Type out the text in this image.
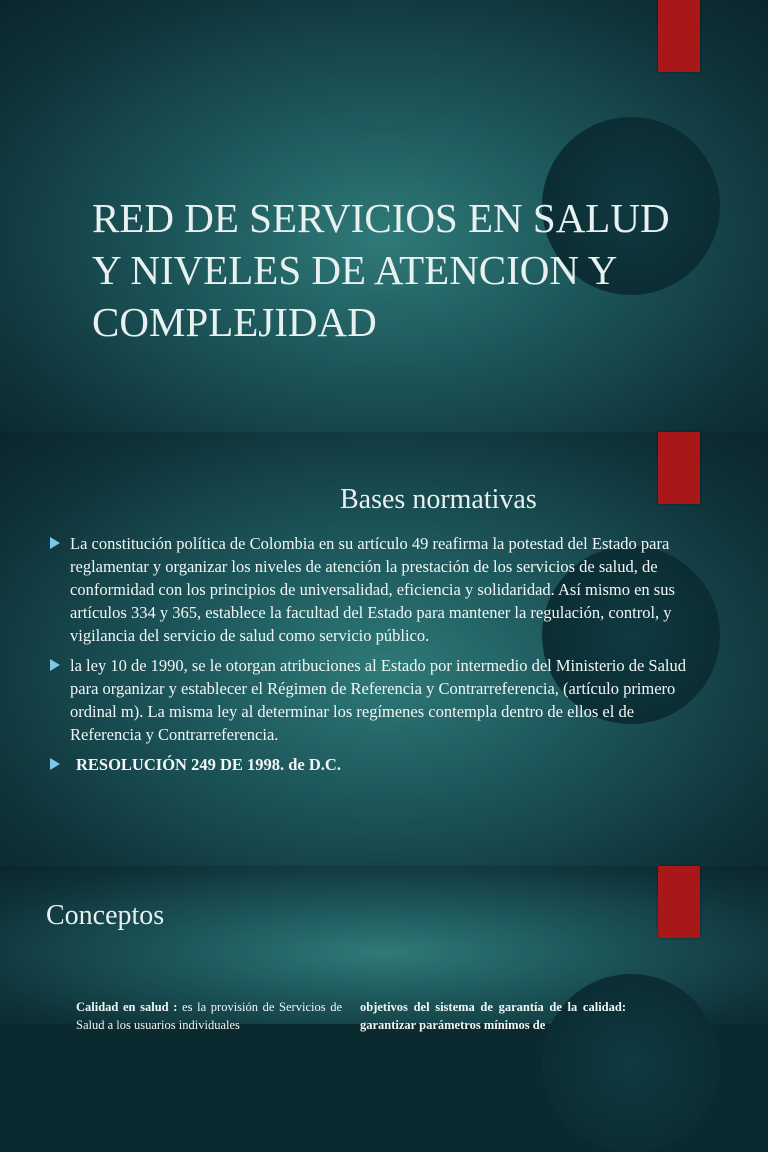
RED DE SERVICIOS EN SALUD Y NIVELES DE ATENCION Y COMPLEJIDAD
Bases normativas
La constitución política de Colombia en su artículo 49 reafirma la potestad del Estado para reglamentar y organizar los niveles de atención la prestación de los servicios de salud, de conformidad con los principios de universalidad, eficiencia y solidaridad. Así mismo en sus artículos 334 y 365, establece la facultad del Estado para mantener la regulación, control, y vigilancia del servicio de salud como servicio público.
la ley 10 de 1990, se le otorgan atribuciones al Estado por intermedio del Ministerio de Salud para organizar y establecer el Régimen de Referencia y Contrarreferencia, (artículo primero ordinal m). La misma ley al determinar los regímenes contempla dentro de ellos el de Referencia y Contrarreferencia.
RESOLUCIÓN 249 DE 1998. de D.C.
Conceptos
Calidad en salud : es la provisión de Servicios de Salud a los usuarios individuales
objetivos del sistema de garantía de la calidad: garantizar parámetros mínimos de
